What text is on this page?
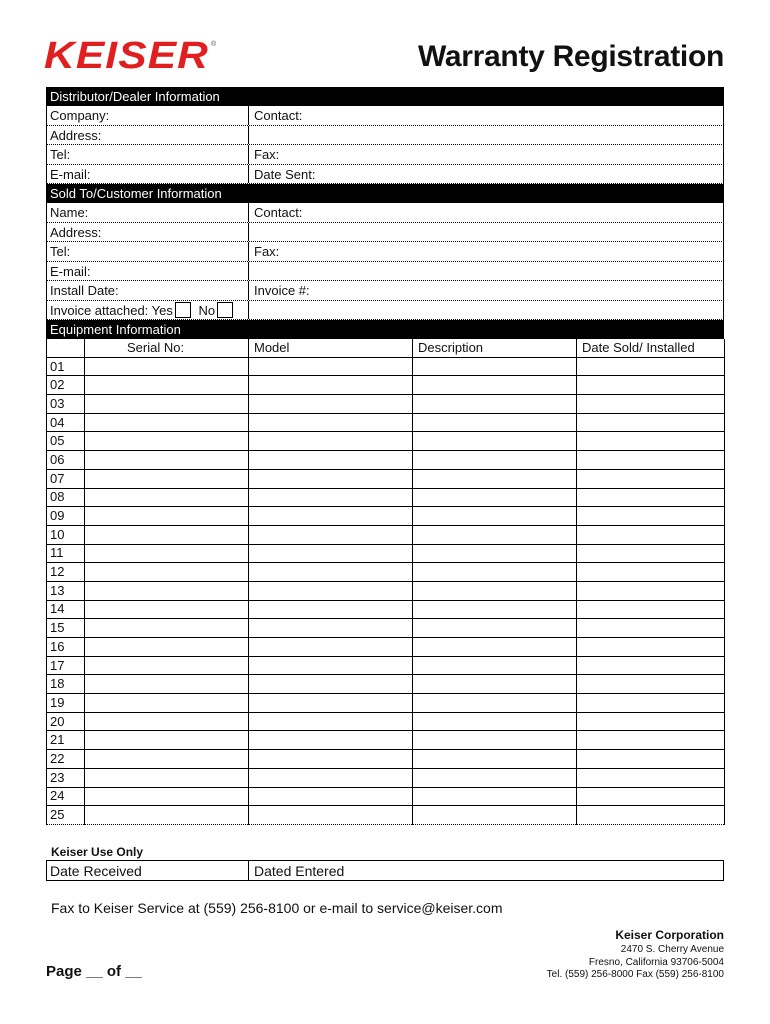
KEISER ®	Warranty Registration
Distributor/Dealer Information
Company:	Contact:
Address:
Tel:	Fax:
E-mail:	Date Sent:
Sold To/Customer Information
Name:	Contact:
Address:
Tel:	Fax:
E-mail:
Install Date:	Invoice #:
Invoice attached: Yes No
Equipment Information
	Serial No:	Model	Description	Date Sold/ Installed
01				
02				
03				
04				
05				
06				
07				
08				
09				
10				
11				
12				
13				
14				
15				
16				
17				
18				
19				
20				
21				
22				
23				
24				
25				
Keiser Use Only
Date Received	Dated Entered
Fax to Keiser Service at (559) 256-8100 or e-mail to service@keiser.com
Keiser Corporation
2470 S. Cherry Avenue
Fresno, California 93706-5004
Tel. (559) 256-8000 Fax (559) 256-8100
Page __ of __
